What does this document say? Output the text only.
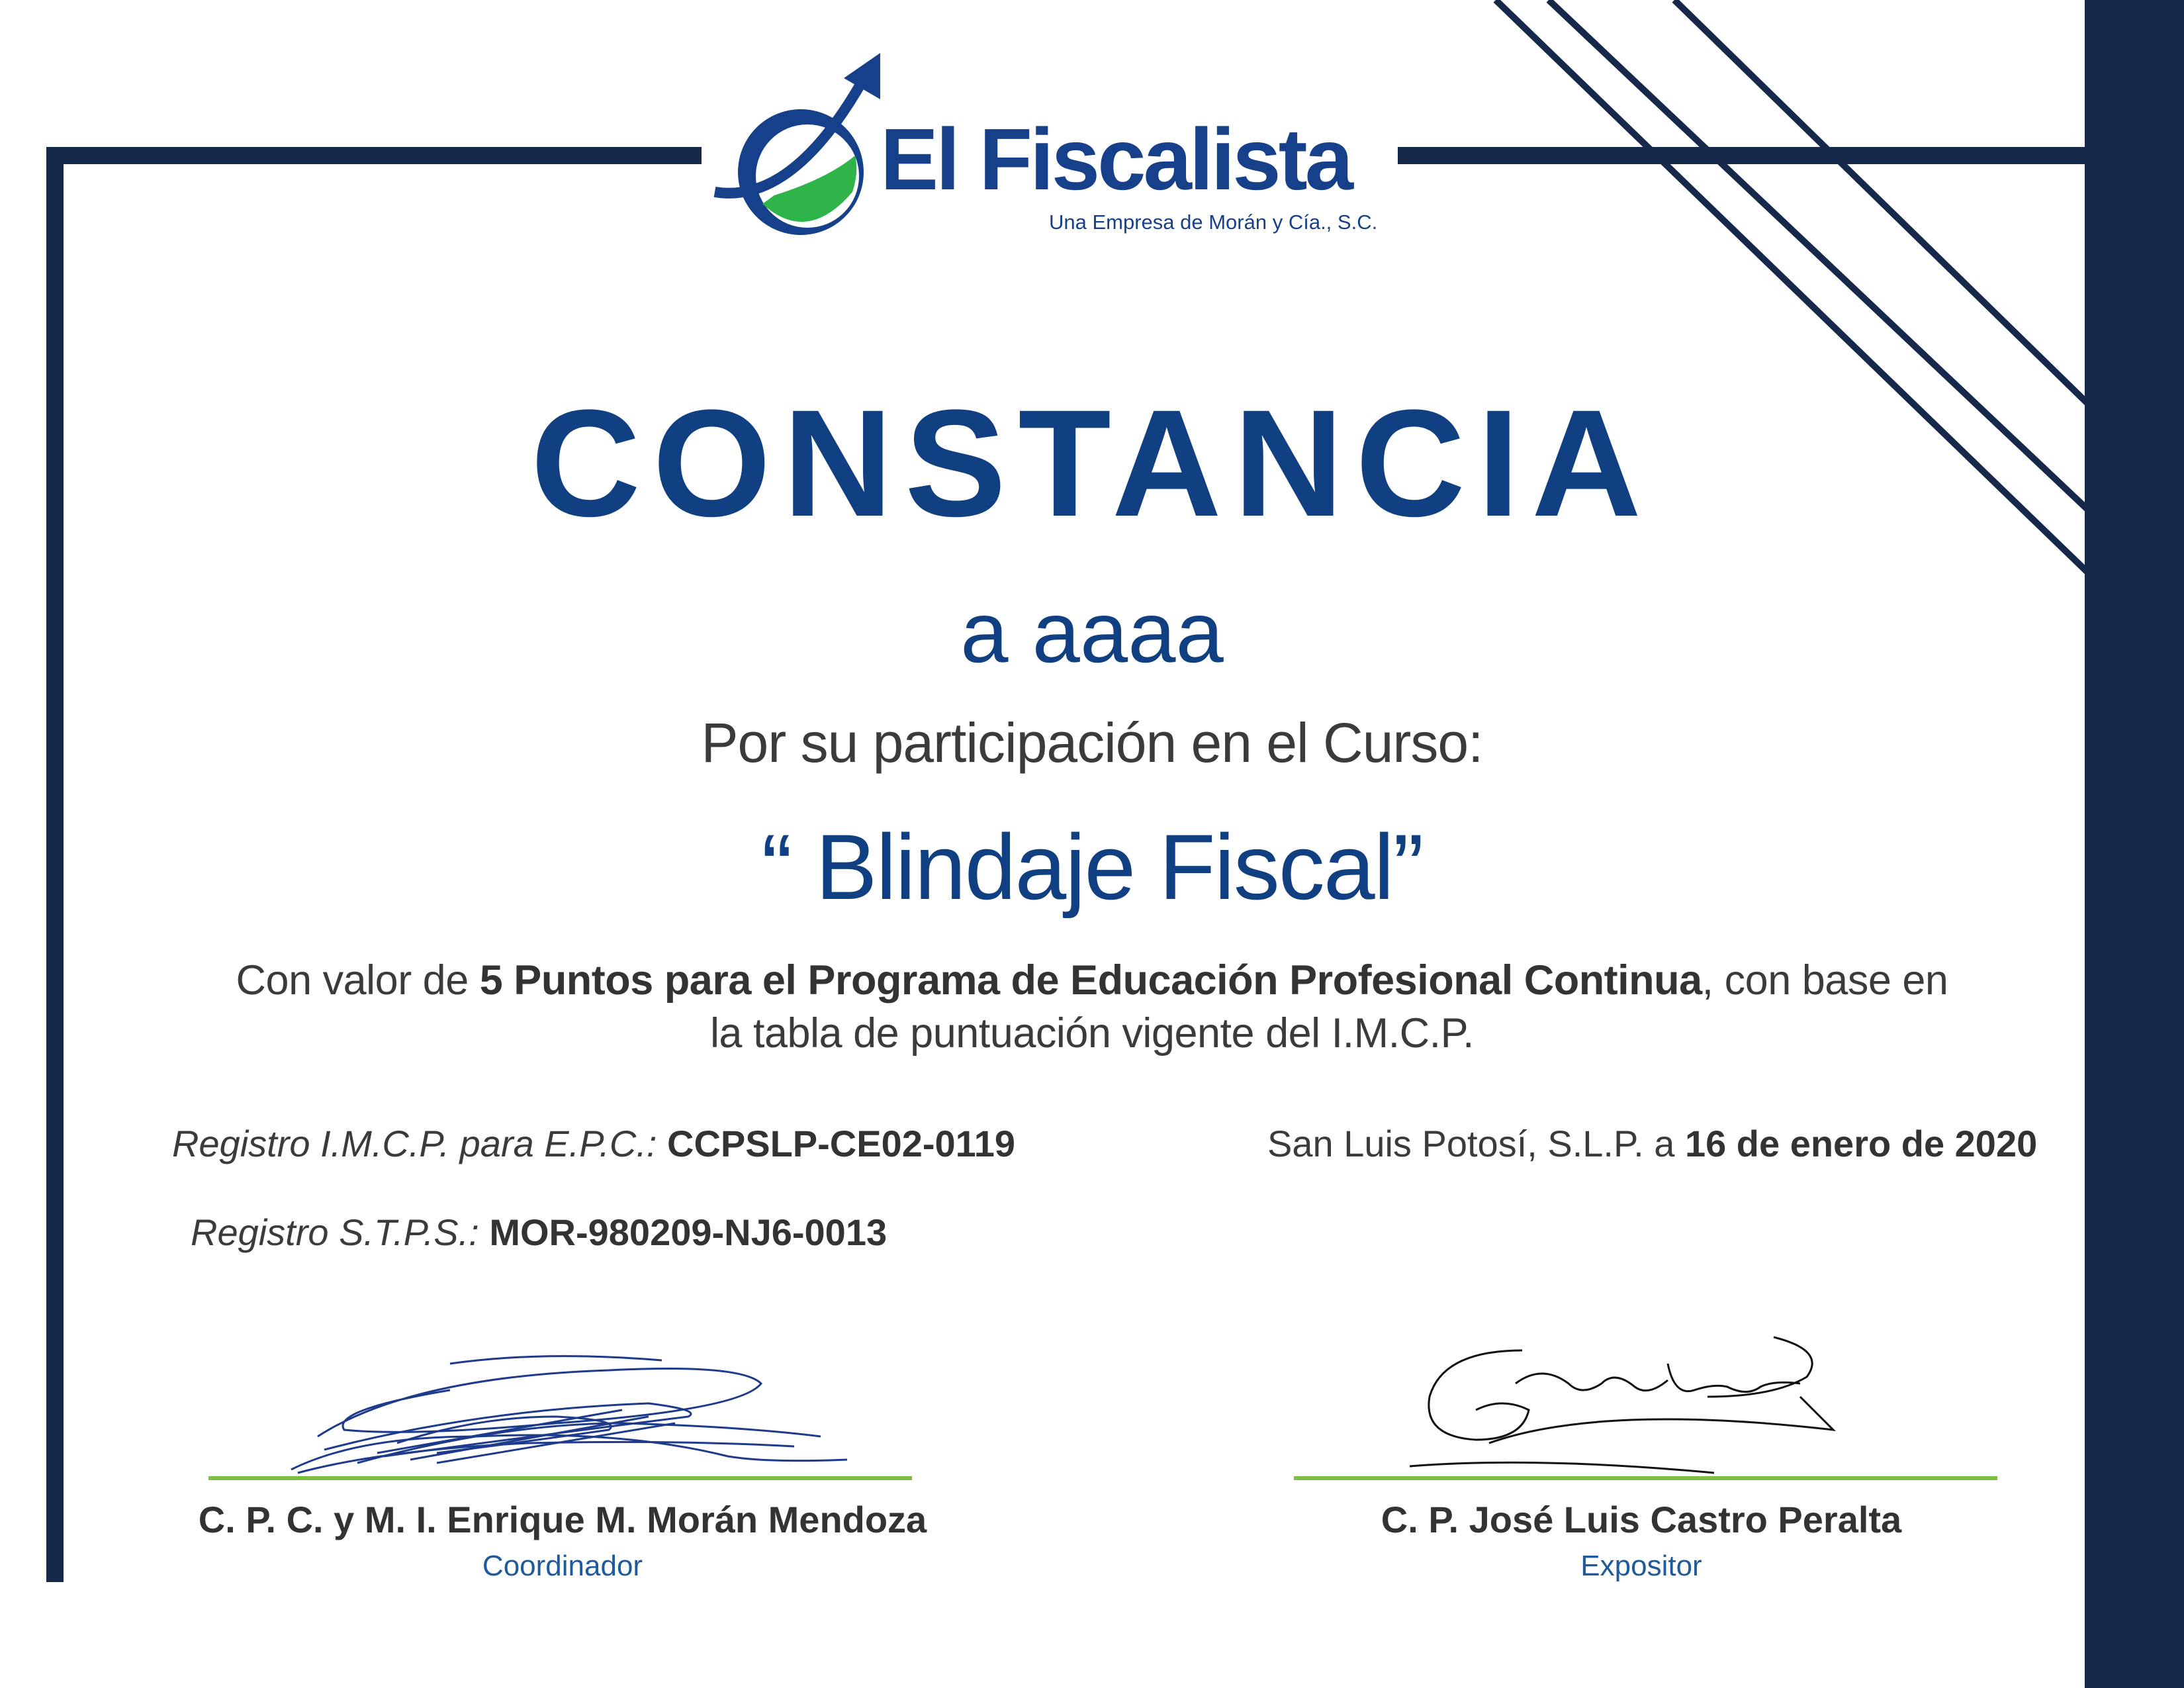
El Fiscalista
Una Empresa de Morán y Cía., S.C.
CONSTANCIA
a aaaa
Por su participación en el Curso:
“ Blindaje Fiscal”
Con valor de 5 Puntos para el Programa de Educación Profesional Continua, con base en
la tabla de puntuación vigente del I.M.C.P.
Registro I.M.C.P. para E.P.C.: CCPSLP-CE02-0119
Registro S.T.P.S.: MOR-980209-NJ6-0013
San Luis Potosí, S.L.P. a 16 de enero de 2020
C. P. C. y M. I. Enrique M. Morán Mendoza
Coordinador
C. P. José Luis Castro Peralta
Expositor
